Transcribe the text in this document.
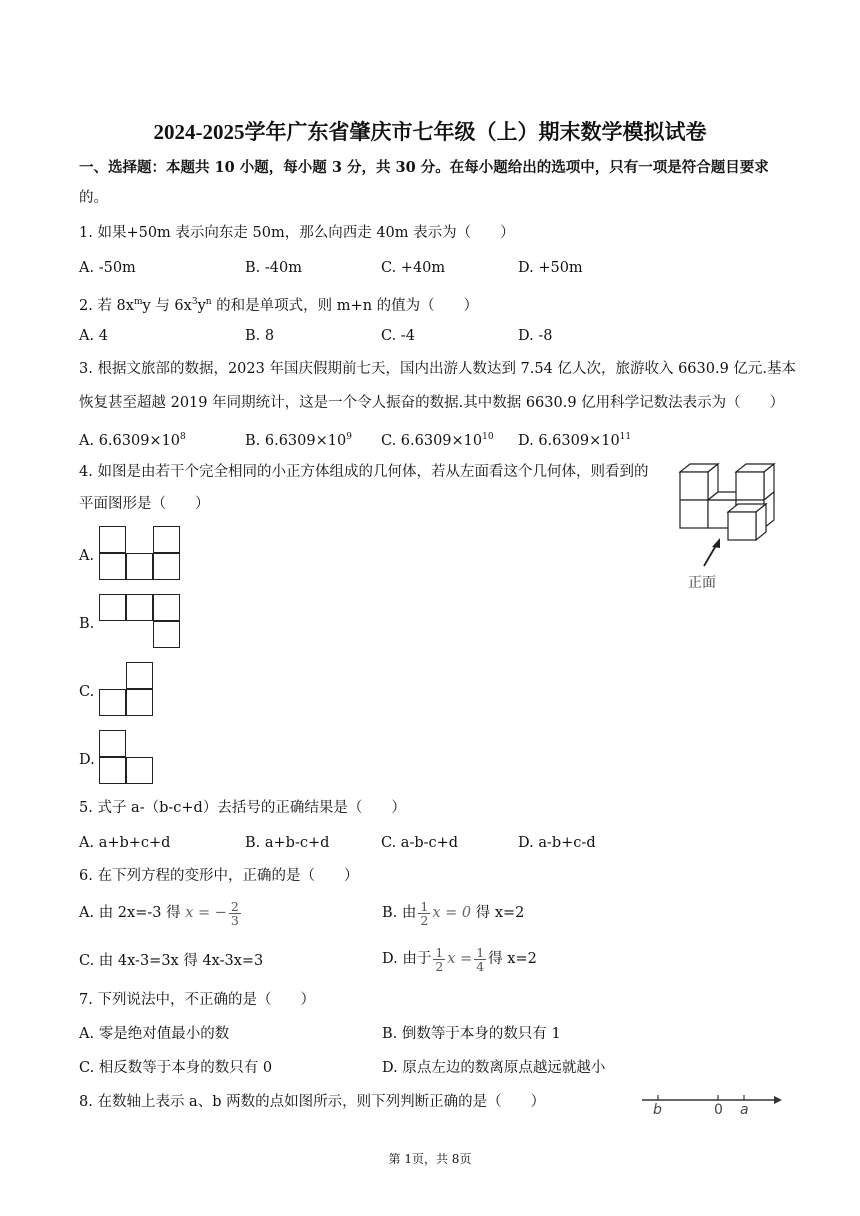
2024-2025学年广东省肇庆市七年级（上）期末数学模拟试卷
一、选择题：本题共 10 小题，每小题 3 分，共 30 分。在每小题给出的选项中，只有一项是符合题目要求
的。
1. 如果+50m 表示向东走 50m，那么向西走 40m 表示为（　　）
A. -50m	B. -40m	C. +40m	D. +50m
2. 若 $8x^my$ 与 $6x^3y^n$ 的和是单项式，则 m+n 的值为（　　）
A. 4	B. 8	C. -4	D. -8
3. 根据文旅部的数据，2023 年国庆假期前七天，国内出游人数达到 7.54 亿人次，旅游收入 6630.9 亿元.基本
恢复甚至超越 2019 年同期统计，这是一个令人振奋的数据.其中数据 6630.9 亿用科学记数法表示为（　　）
A. $6.6309\times 10^8$	B. $6.6309\times 10^9$ C. $6.6309\times 10^{10}$ D. $6.6309\times 10^{11}$
4. 如图是由若干个完全相同的小正方体组成的几何体，若从左面看这个几何体，则看到的
平面图形是（　　）
正面
A.
B.
C.
D.
5. 式子 a-（b-c+d）去括号的正确结果是（　　）
A. a+b+c+d	B. a+b-c+d	C. a-b-c+d	D. a-b+c-d
6. 在下列方程的变形中，正确的是（　　）
A. 由 2x=-3 得 x = − $\frac{2}{3}$	B. 由 $\frac{1}{2}$ x = 0 得 x=2
C. 由 4x-3=3x 得 4x-3x=3	D. 由于 $\frac{1}{2}$ $x = \frac{1}{4}$ 得 x=2
7. 下列说法中，不正确的是（　　）
A. 零是绝对值最小的数	B. 倒数等于本身的数只有 1
C. 相反数等于本身的数只有 0	D. 原点左边的数离原点越远就越小
8. 在数轴上表示 a、b 两数的点如图所示，则下列判断正确的是（　　）	b	0 a
第 1页，共 8页
